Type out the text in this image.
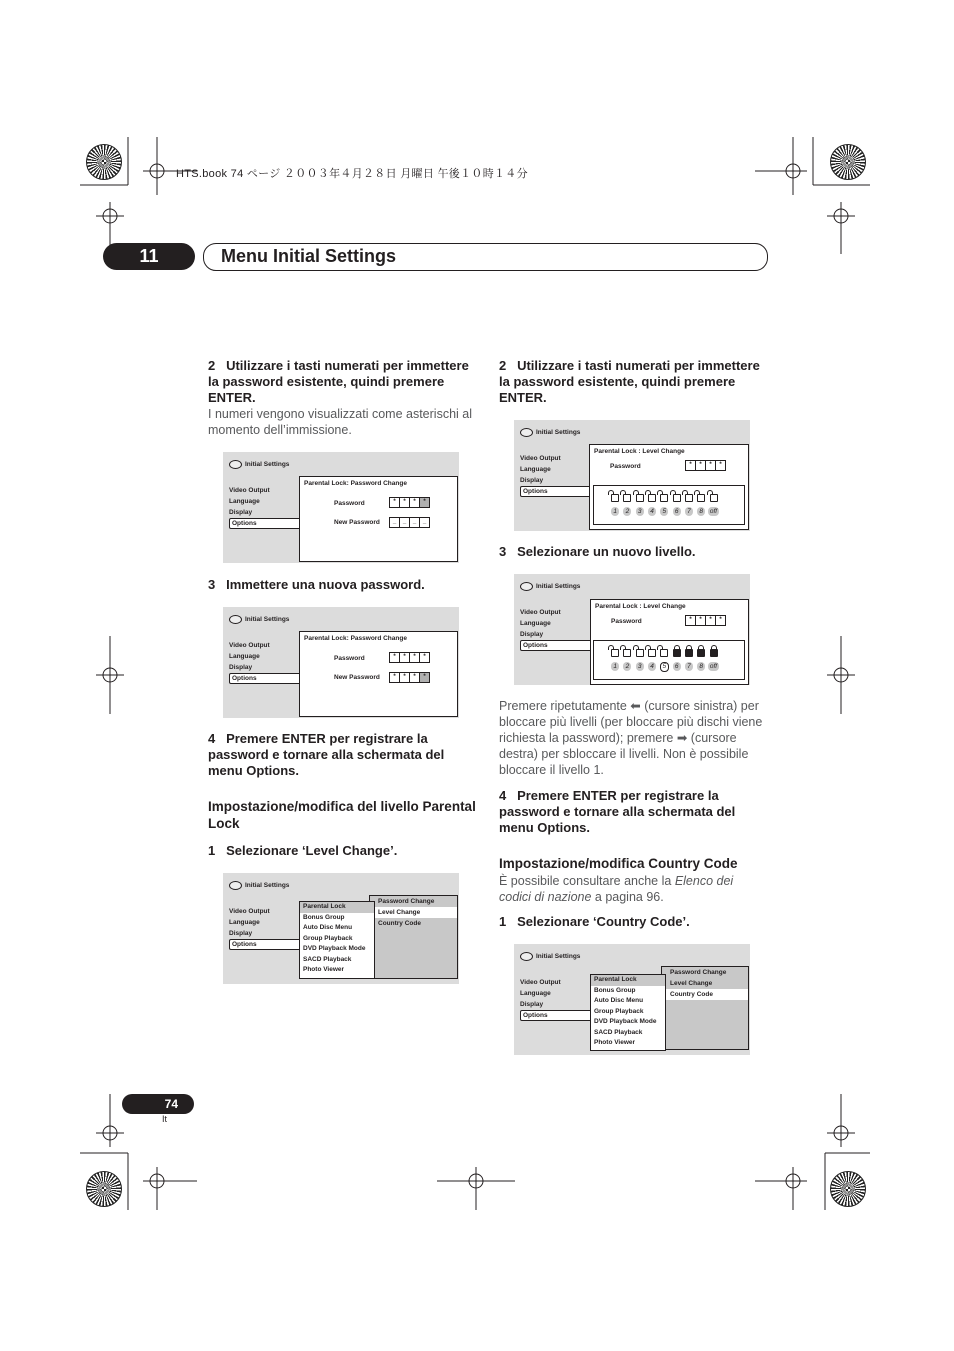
HTS.book 74 ページ ２００３年４月２８日 月曜日 午後１０時１４分
11	Menu Initial Settings
2 Utilizzare i tasti numerati per immettere la password esistente, quindi premere ENTER.
I numeri vengono visualizzati come asterischi al momento dell’immissione.
Initial Settings
Video Output
Language
Display
Options
Parental Lock: Password Change
Password	*	*	*	*
New Password	_	_	_	_
3 Immettere una nuova password.
Initial Settings
Video Output
Language
Display
Options
Parental Lock: Password Change
Password	*	*	*	*
New Password	*	*	*	*
4 Premere ENTER per registrare la password e tornare alla schermata del menu Options.
Impostazione/modifica del livello Parental Lock
1 Selezionare ‘Level Change’.
Initial Settings
Video Output
Language
Display
Options
Password Change
Level Change
Country Code
Parental Lock
Bonus Group
Auto Disc Menu
Group Playback
DVD Playback Mode
SACD Playback
Photo Viewer
2 Utilizzare i tasti numerati per immettere la password esistente, quindi premere ENTER.
Initial Settings
Video Output
Language
Display
Options
Parental Lock : Level Change
Password	*	*	*	*
1	2	3	4	5	6	7	8	off
3 Selezionare un nuovo livello.
Initial Settings
Video Output
Language
Display
Options
Parental Lock : Level Change
Password	*	*	*	*
1	2	3	4	5	6	7	8	off
Premere ripetutamente ⬅ (cursore sinistra) per bloccare più livelli (per bloccare più dischi viene richiesta la password); premere ➡ (cursore destra) per sbloccare il livelli. Non è possibile bloccare il livello 1.
4 Premere ENTER per registrare la password e tornare alla schermata del menu Options.
Impostazione/modifica Country Code
È possibile consultare anche la Elenco dei codici di nazione a pagina 96.
1 Selezionare ‘Country Code’.
Initial Settings
Video Output
Language
Display
Options
Password Change
Level Change
Country Code
Parental Lock
Bonus Group
Auto Disc Menu
Group Playback
DVD Playback Mode
SACD Playback
Photo Viewer
74
It
